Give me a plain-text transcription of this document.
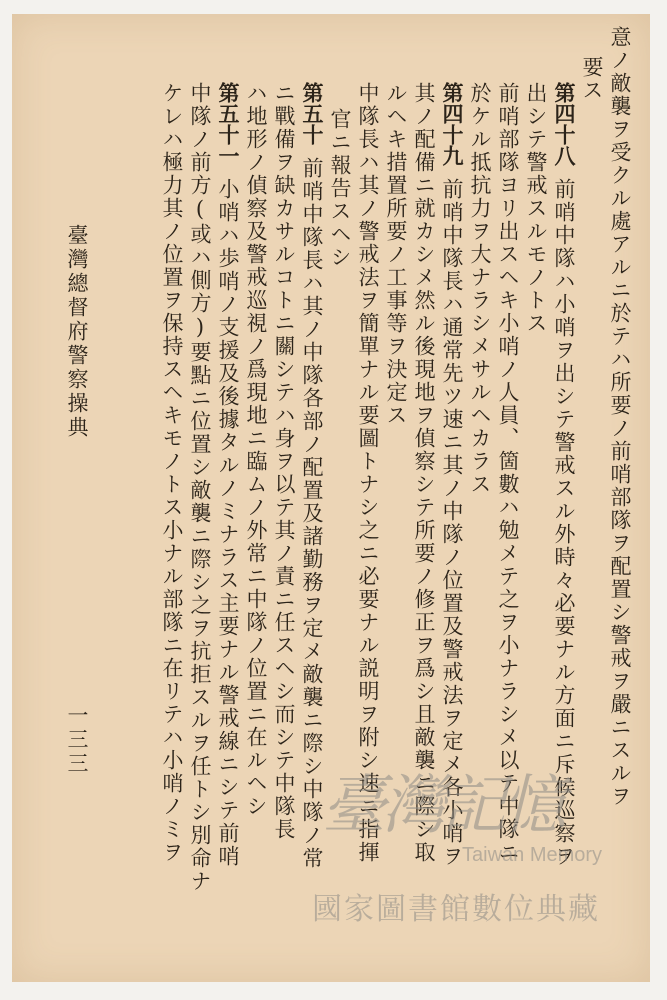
意ノ敵襲ヲ受クル處アルニ於テハ所要ノ前哨部隊ヲ配置シ警戒ヲ嚴ニスルヲ
要ス
第四十八前哨中隊ハ小哨ヲ出シテ警戒スル外時々必要ナル方面ニ斥候巡察ヲ
出シテ警戒スルモノトス
前哨部隊ヨリ出スヘキ小哨ノ人員、箇數ハ勉メテ之ヲ小ナラシメ以テ中隊ニ
於ケル抵抗力ヲ大ナラシメサルヘカラス
第四十九前哨中隊長ハ通常先ツ速ニ其ノ中隊ノ位置及警戒法ヲ定メ各小哨ヲ
其ノ配備ニ就カシメ然ル後現地ヲ偵察シテ所要ノ修正ヲ爲シ且敵襲ニ際シ取
ルヘキ措置所要ノ工事等ヲ決定ス
中隊長ハ其ノ警戒法ヲ簡單ナル要圖トナシ之ニ必要ナル説明ヲ附シ速ニ指揮
官ニ報告スヘシ
第五十前哨中隊長ハ其ノ中隊各部ノ配置及諸勤務ヲ定メ敵襲ニ際シ中隊ノ常
ニ戰備ヲ缺カサルコトニ關シテハ身ヲ以テ其ノ責ニ任スヘシ而シテ中隊長
ハ地形ノ偵察及警戒巡視ノ爲現地ニ臨ムノ外常ニ中隊ノ位置ニ在ルヘシ
第五十一小哨ハ歩哨ノ支援及後據タルノミナラス主要ナル警戒線ニシテ前哨
中隊ノ前方(或ハ側方)要點ニ位置シ敵襲ニ際シ之ヲ抗拒スルヲ任トシ別命ナ
ケレハ極力其ノ位置ヲ保持スヘキモノトス小ナル部隊ニ在リテハ小哨ノミヲ
臺灣總督府警察操典
一三三
臺灣記憶
Taiwan Memory
國家圖書館數位典藏
